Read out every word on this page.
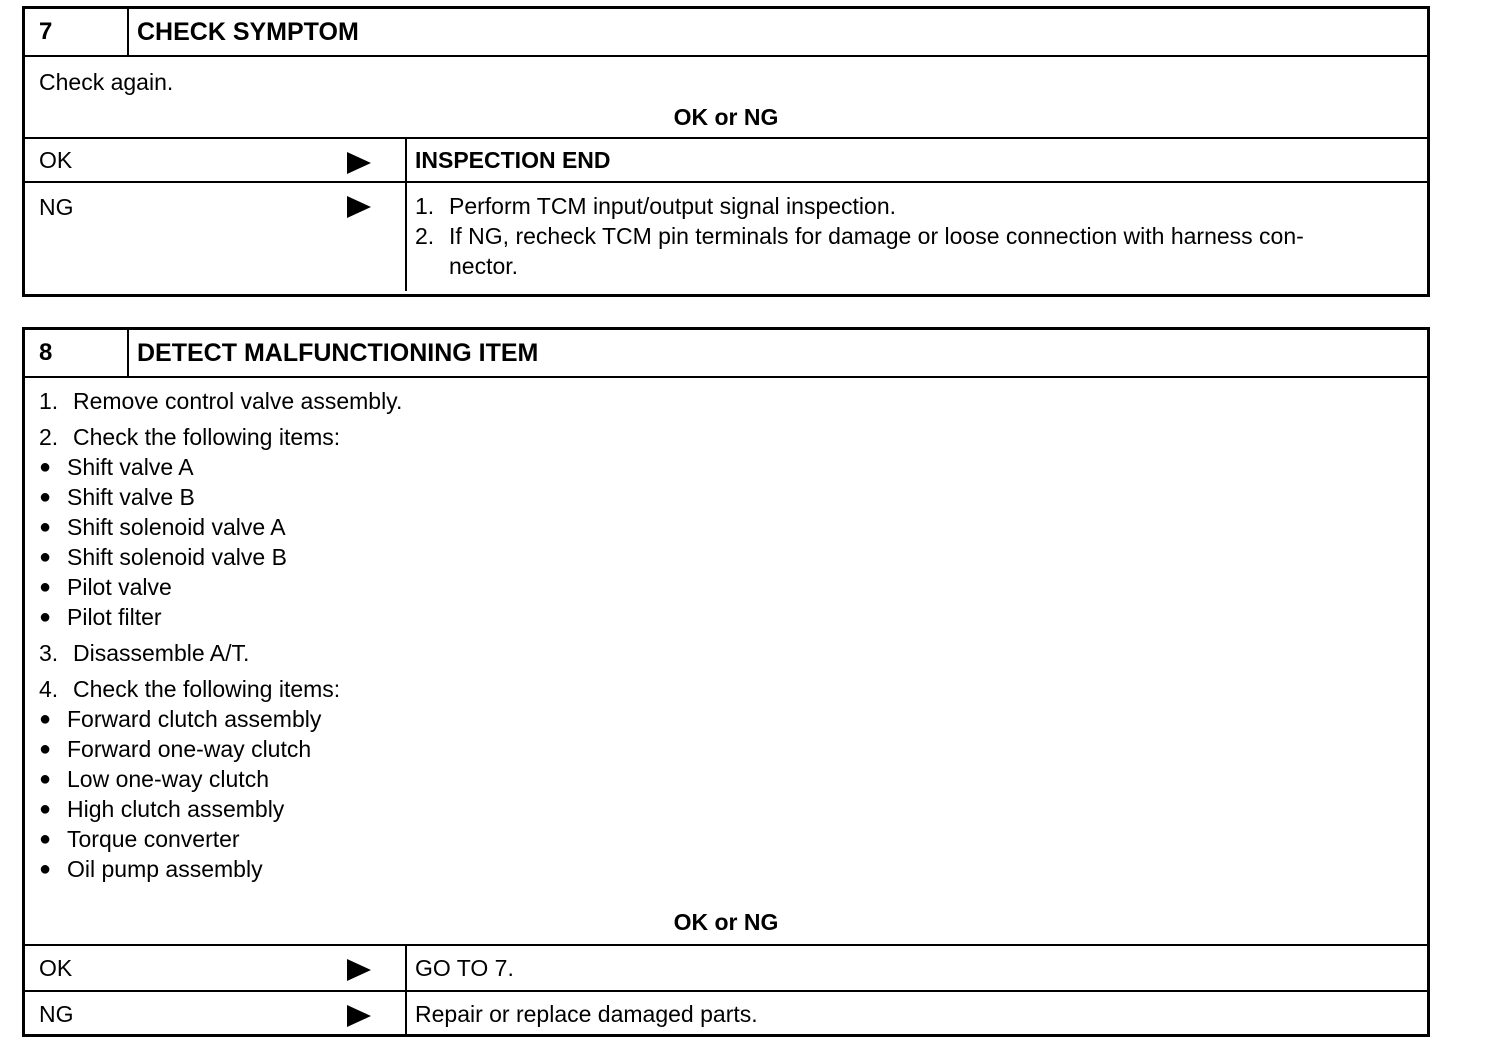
7	CHECK SYMPTOM
Check again.
OK or NG
OK	INSPECTION END
NG	1. Perform TCM input/output signal inspection.
2. If NG, recheck TCM pin terminals for damage or loose connection with harness con-
nector.
8	DETECT MALFUNCTIONING ITEM
1. Remove control valve assembly.
2. Check the following items:
● Shift valve A
● Shift valve B
● Shift solenoid valve A
● Shift solenoid valve B
● Pilot valve
● Pilot filter
3. Disassemble A/T.
4. Check the following items:
● Forward clutch assembly
● Forward one-way clutch
● Low one-way clutch
● High clutch assembly
● Torque converter
● Oil pump assembly
OK or NG
OK	GO TO 7.
NG	Repair or replace damaged parts.
